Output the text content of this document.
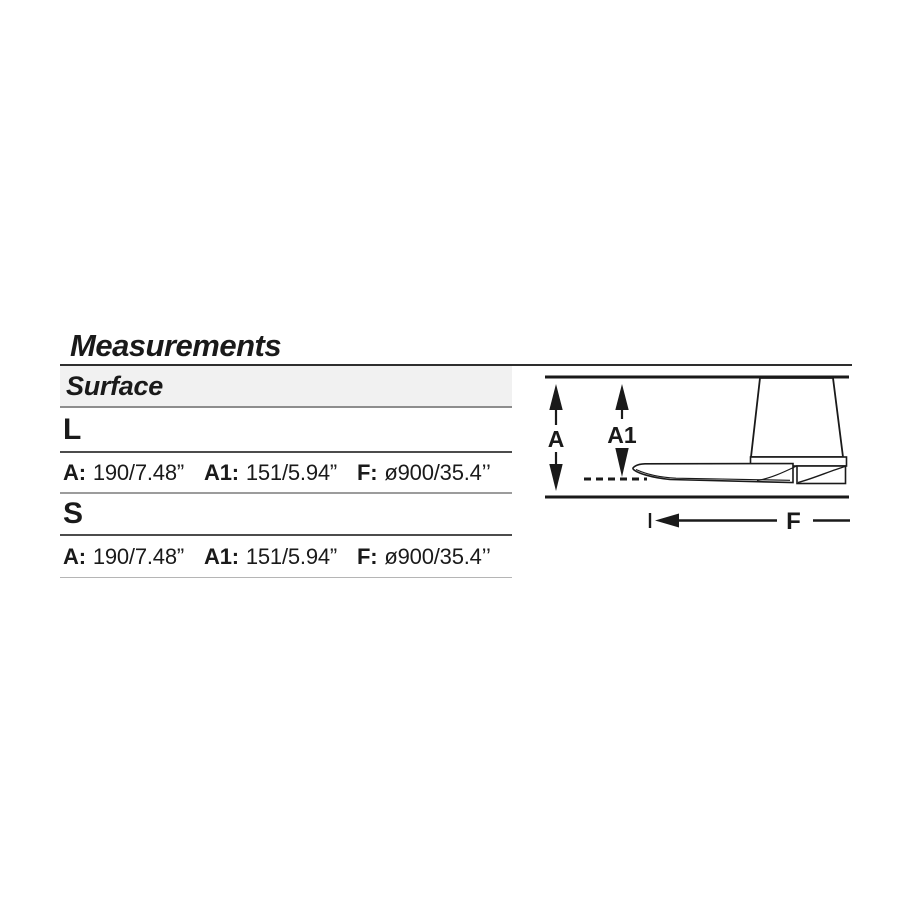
Measurements
Surface
L
A: 190/7.48” A1: 151/5.94” F: ø900/35.4’’
S
A: 190/7.48” A1: 151/5.94” F: ø900/35.4’’
A A1
F
